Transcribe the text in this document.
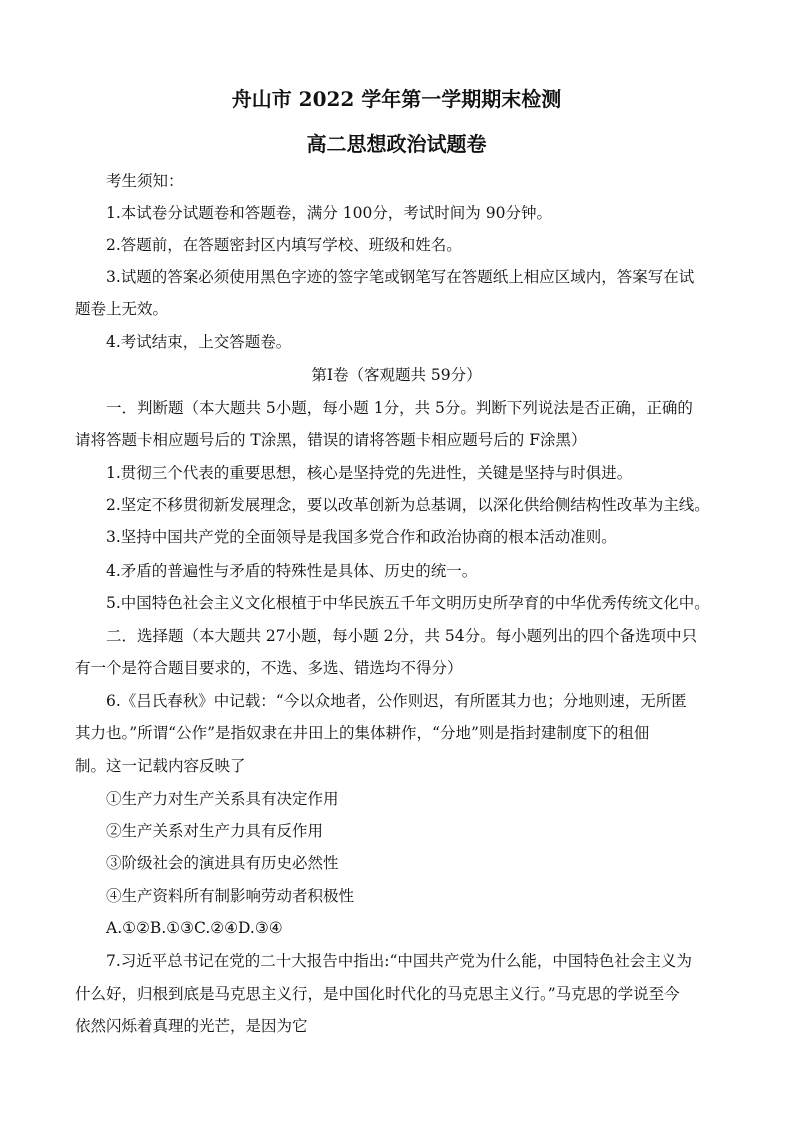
舟山市 2022 学年第一学期期末检测
高二思想政治试题卷
考生须知：
1.本试卷分试题卷和答题卷，满分 100分，考试时间为 90分钟。
2.答题前，在答题密封区内填写学校、班级和姓名。
3.试题的答案必须使用黑色字迹的签字笔或钢笔写在答题纸上相应区域内，答案写在试
题卷上无效。
4.考试结束，上交答题卷。
第Ⅰ卷（客观题共 59分）
一．判断题（本大题共 5小题，每小题 1分，共 5分。判断下列说法是否正确，正确的
请将答题卡相应题号后的 T涂黑，错误的请将答题卡相应题号后的 F涂黑）
1.贯彻三个代表的重要思想，核心是坚持党的先进性，关键是坚持与时俱进。
2.坚定不移贯彻新发展理念，要以改革创新为总基调，以深化供给侧结构性改革为主线。
3.坚持中国共产党的全面领导是我国多党合作和政治协商的根本活动准则。
4.矛盾的普遍性与矛盾的特殊性是具体、历史的统一。
5.中国特色社会主义文化根植于中华民族五千年文明历史所孕育的中华优秀传统文化中。
二．选择题（本大题共 27小题，每小题 2分，共 54分。每小题列出的四个备选项中只
有一个是符合题目要求的，不选、多选、错选均不得分）
6.《吕氏春秋》中记载：“今以众地者，公作则迟，有所匿其力也；分地则速，无所匿
其力也。”所谓“公作”是指奴隶在井田上的集体耕作，“分地”则是指封建制度下的租佃
制。这一记载内容反映了
①生产力对生产关系具有决定作用
②生产关系对生产力具有反作用
③阶级社会的演进具有历史必然性
④生产资料所有制影响劳动者积极性
A.①②B.①③C.②④D.③④
7.习近平总书记在党的二十大报告中指出:“中国共产党为什么能，中国特色社会主义为
什么好，归根到底是马克思主义行，是中国化时代化的马克思主义行。”马克思的学说至今
依然闪烁着真理的光芒，是因为它
